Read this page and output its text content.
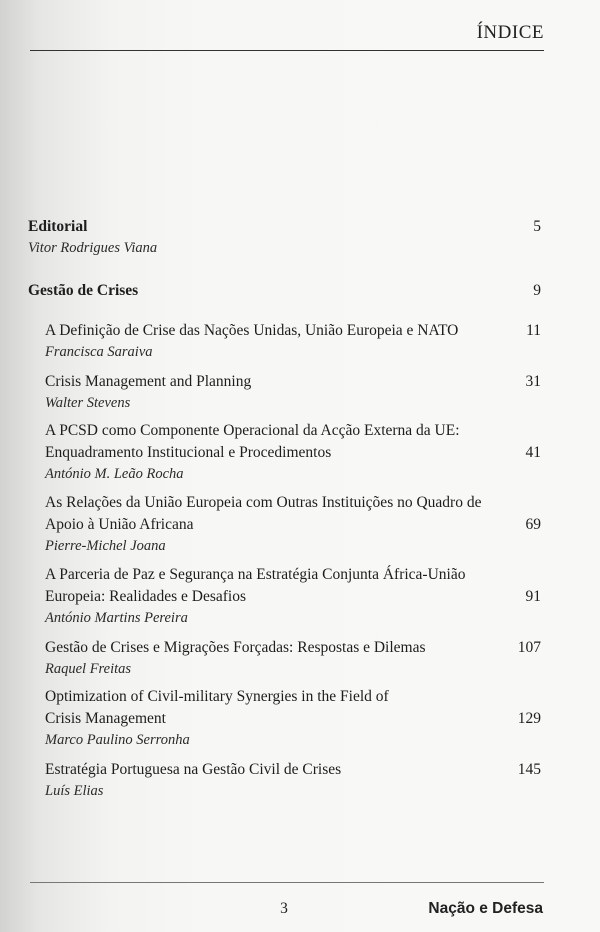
ÍNDICE
Editorial
Vitor Rodrigues Viana
5
Gestão de Crises	9
A Definição de Crise das Nações Unidas, União Europeia e NATO
Francisca Saraiva
11
Crisis Management and Planning
Walter Stevens
31
A PCSD como Componente Operacional da Acção Externa da UE: Enquadramento Institucional e Procedimentos
António M. Leão Rocha
41
As Relações da União Europeia com Outras Instituições no Quadro de Apoio à União Africana
Pierre-Michel Joana
69
A Parceria de Paz e Segurança na Estratégia Conjunta África-União Europeia: Realidades e Desafios
António Martins Pereira
91
Gestão de Crises e Migrações Forçadas: Respostas e Dilemas
Raquel Freitas
107
Optimization of Civil-military Synergies in the Field of Crisis Management
Marco Paulino Serronha
129
Estratégia Portuguesa na Gestão Civil de Crises
Luís Elias
145
3	Nação e Defesa
